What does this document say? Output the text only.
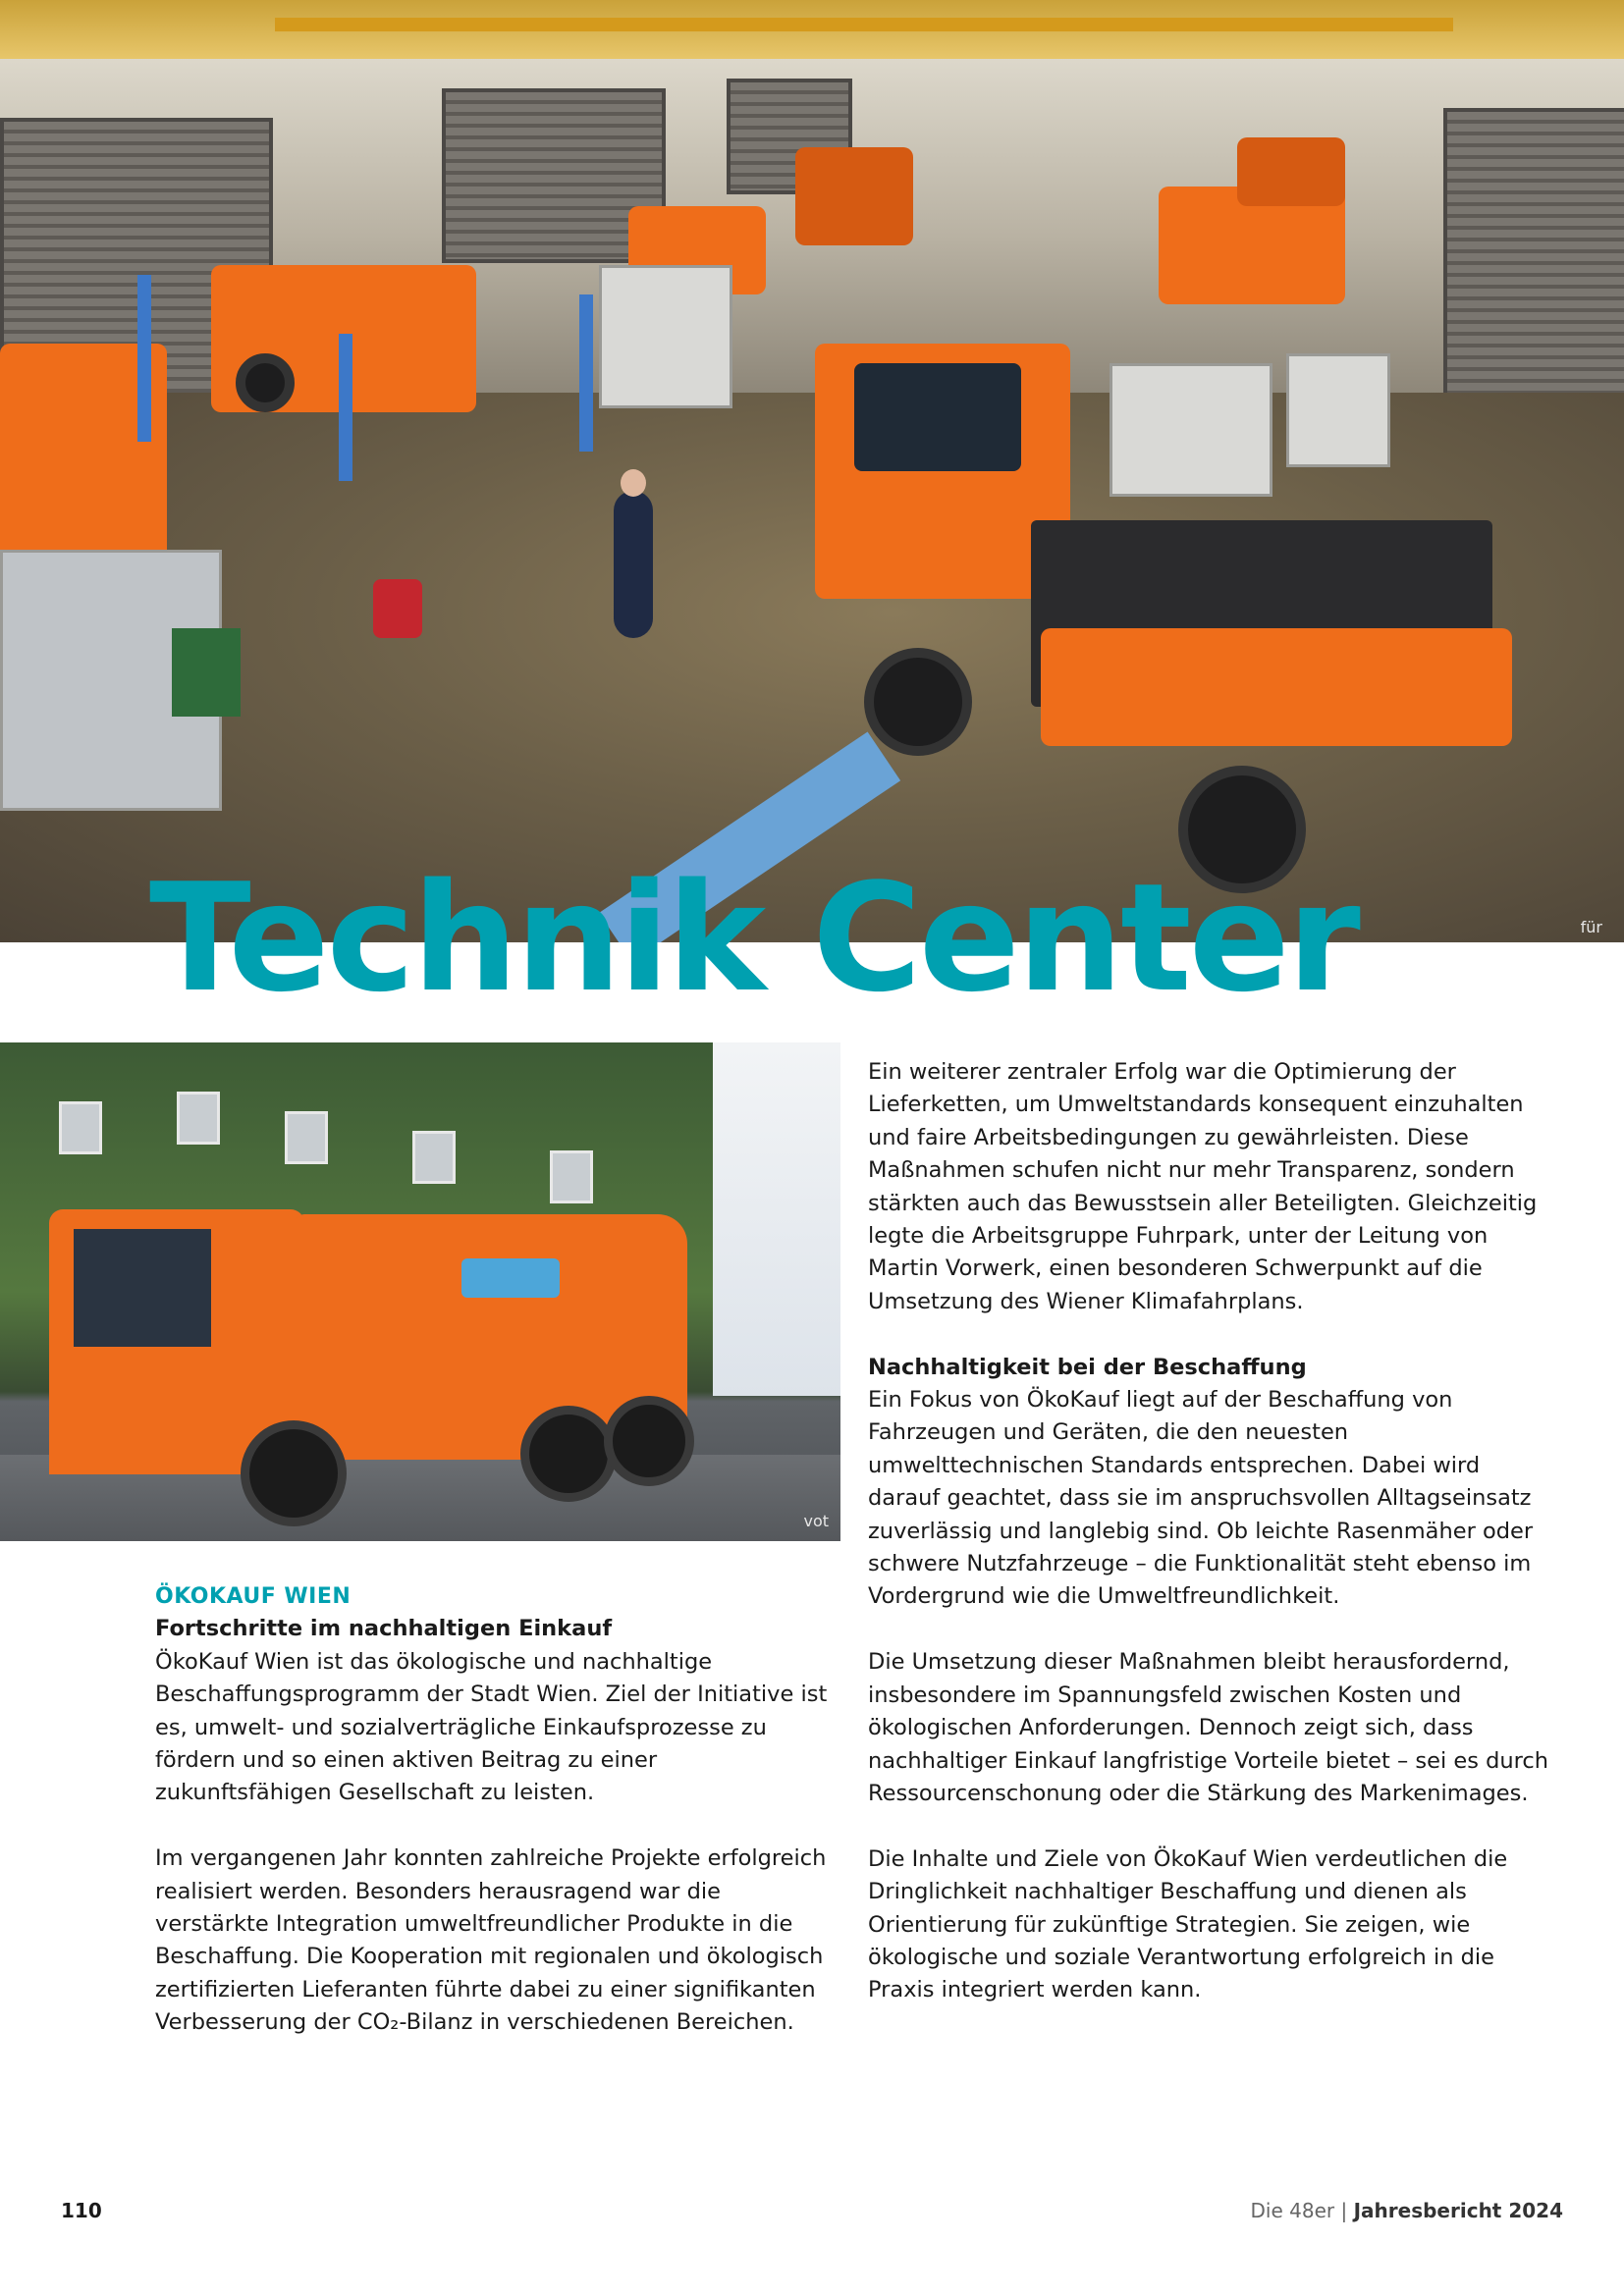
für
Technik Center
vot
ÖKOKAUF WIEN
Fortschritte im nachhaltigen Einkauf

ÖkoKauf Wien ist das ökologische und nachhaltige Beschaffungsprogramm der Stadt Wien. Ziel der Initiative ist es, umwelt- und sozialverträgliche Einkaufsprozesse zu fördern und so einen aktiven Beitrag zu einer zukunftsfähigen Gesellschaft zu leisten.

Im vergangenen Jahr konnten zahlreiche Projekte erfolgreich realisiert werden. Besonders herausragend war die verstärkte Integration umweltfreundlicher Produkte in die Beschaffung. Die Kooperation mit regionalen und ökologisch zertifizierten Lieferanten führte dabei zu einer signifikanten Verbesserung der CO₂-Bilanz in verschiedenen Bereichen.

Ein weiterer zentraler Erfolg war die Optimierung der Lieferketten, um Umweltstandards konsequent einzuhalten und faire Arbeitsbedingungen zu gewährleisten. Diese Maßnahmen schufen nicht nur mehr Transparenz, sondern stärkten auch das Bewusstsein aller Beteiligten. Gleichzeitig legte die Arbeitsgruppe Fuhrpark, unter der Leitung von Martin Vorwerk, einen besonderen Schwerpunkt auf die Umsetzung des Wiener Klimafahrplans.

Nachhaltigkeit bei der Beschaffung

Ein Fokus von ÖkoKauf liegt auf der Beschaffung von Fahrzeugen und Geräten, die den neuesten umwelttechnischen Standards entsprechen. Dabei wird darauf geachtet, dass sie im anspruchsvollen Alltagseinsatz zuverlässig und langlebig sind. Ob leichte Rasenmäher oder schwere Nutzfahrzeuge – die Funktionalität steht ebenso im Vordergrund wie die Umweltfreundlichkeit.

Die Umsetzung dieser Maßnahmen bleibt herausfordernd, insbesondere im Spannungsfeld zwischen Kosten und ökologischen Anforderungen. Dennoch zeigt sich, dass nachhaltiger Einkauf langfristige Vorteile bietet – sei es durch Ressourcenschonung oder die Stärkung des Markenimages.

Die Inhalte und Ziele von ÖkoKauf Wien verdeutlichen die Dringlichkeit nachhaltiger Beschaffung und dienen als Orientierung für zukünftige Strategien. Sie zeigen, wie ökologische und soziale Verantwortung erfolgreich in die Praxis integriert werden kann.

110	Die 48er | Jahresbericht 2024
